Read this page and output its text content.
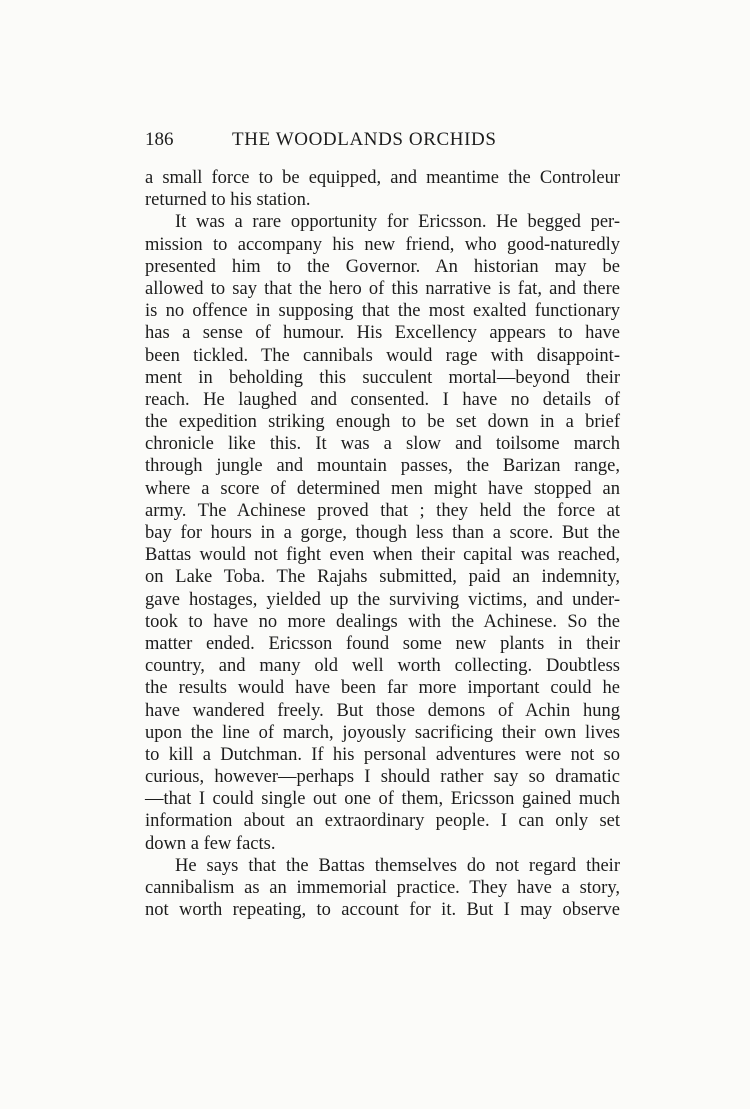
186	THE WOODLANDS ORCHIDS
a small force to be equipped, and meantime the Controleur
returned to his station.
It was a rare opportunity for Ericsson. He begged per-
mission to accompany his new friend, who good-naturedly
presented him to the Governor. An historian may be
allowed to say that the hero of this narrative is fat, and there
is no offence in supposing that the most exalted functionary
has a sense of humour. His Excellency appears to have
been tickled. The cannibals would rage with disappoint-
ment in beholding this succulent mortal—beyond their
reach. He laughed and consented. I have no details of
the expedition striking enough to be set down in a brief
chronicle like this. It was a slow and toilsome march
through jungle and mountain passes, the Barizan range,
where a score of determined men might have stopped an
army. The Achinese proved that ; they held the force at
bay for hours in a gorge, though less than a score. But the
Battas would not fight even when their capital was reached,
on Lake Toba. The Rajahs submitted, paid an indemnity,
gave hostages, yielded up the surviving victims, and under-
took to have no more dealings with the Achinese. So the
matter ended. Ericsson found some new plants in their
country, and many old well worth collecting. Doubtless
the results would have been far more important could he
have wandered freely. But those demons of Achin hung
upon the line of march, joyously sacrificing their own lives
to kill a Dutchman. If his personal adventures were not so
curious, however—perhaps I should rather say so dramatic
—that I could single out one of them, Ericsson gained much
information about an extraordinary people. I can only set
down a few facts.
He says that the Battas themselves do not regard their
cannibalism as an immemorial practice. They have a story,
not worth repeating, to account for it. But I may observe
